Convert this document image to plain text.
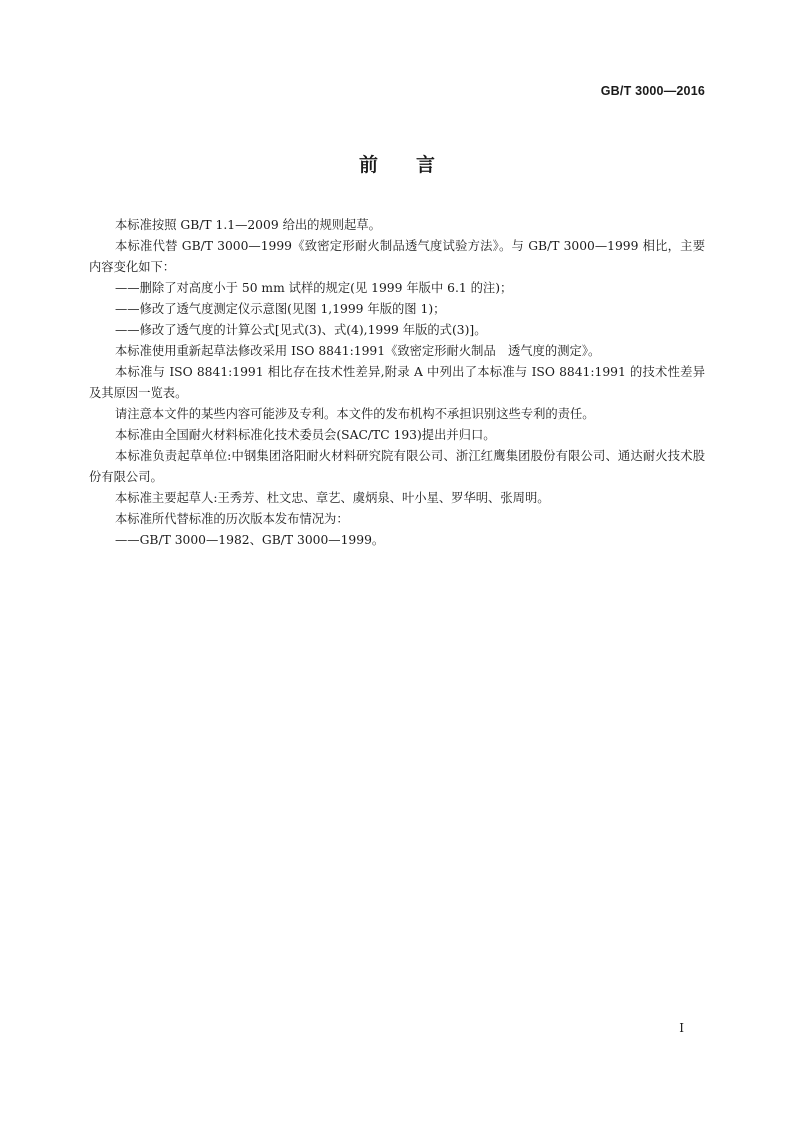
GB/T 3000—2016
前 言

本标准按照 GB/T 1.1—2009 给出的规则起草。

本标准代替 GB/T 3000—1999《致密定形耐火制品透气度试验方法》。与 GB/T 3000—1999 相比，主要内容变化如下：

——删除了对高度小于 50 mm 试样的规定(见 1999 年版中 6.1 的注)；

——修改了透气度测定仪示意图(见图 1,1999 年版的图 1)；

——修改了透气度的计算公式[见式(3)、式(4),1999 年版的式(3)]。

本标准使用重新起草法修改采用 ISO 8841:1991《致密定形耐火制品　透气度的测定》。

本标准与 ISO 8841:1991 相比存在技术性差异,附录 A 中列出了本标准与 ISO 8841:1991 的技术性差异及其原因一览表。

请注意本文件的某些内容可能涉及专利。本文件的发布机构不承担识别这些专利的责任。

本标准由全国耐火材料标准化技术委员会(SAC/TC 193)提出并归口。

本标准负责起草单位:中钢集团洛阳耐火材料研究院有限公司、浙江红鹰集团股份有限公司、通达耐火技术股份有限公司。

本标准主要起草人:王秀芳、杜文忠、章艺、虞炳泉、叶小星、罗华明、张周明。

本标准所代替标准的历次版本发布情况为：

——GB/T 3000—1982、GB/T 3000—1999。

I
